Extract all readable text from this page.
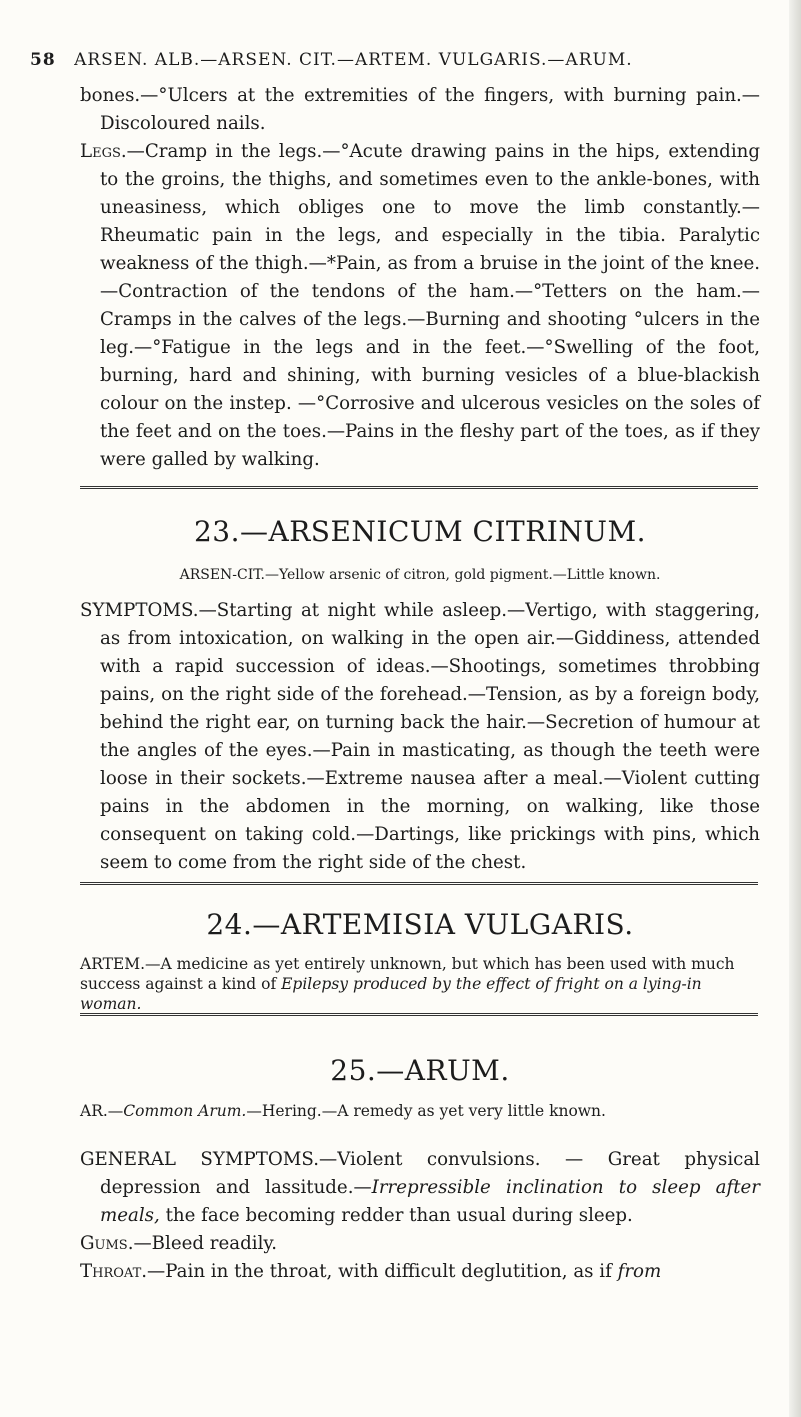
58 ARSEN. ALB.—ARSEN. CIT.—ARTEM. VULGARIS.—ARUM.
bones.—°Ulcers at the extremities of the fingers, with burning pain.—Discoloured nails.
Legs.—Cramp in the legs.—°Acute drawing pains in the hips, extending to the groins, the thighs, and sometimes even to the ankle-bones, with uneasiness, which obliges one to move the limb constantly.—Rheumatic pain in the legs, and especially in the tibia. Paralytic weakness of the thigh.—*Pain, as from a bruise in the joint of the knee.—Contraction of the tendons of the ham.—°Tetters on the ham.—Cramps in the calves of the legs.—Burning and shooting °ulcers in the leg.—°Fatigue in the legs and in the feet.—°Swelling of the foot, burning, hard and shining, with burning vesicles of a blue-blackish colour on the instep. —°Corrosive and ulcerous vesicles on the soles of the feet and on the toes.—Pains in the fleshy part of the toes, as if they were galled by walking.
23.—ARSENICUM CITRINUM.
ARSEN-CIT.—Yellow arsenic of citron, gold pigment.—Little known.
SYMPTOMS.—Starting at night while asleep.—Vertigo, with staggering, as from intoxication, on walking in the open air.—Giddiness, attended with a rapid succession of ideas.—Shootings, sometimes throbbing pains, on the right side of the forehead.—Tension, as by a foreign body, behind the right ear, on turning back the hair.—Secretion of humour at the angles of the eyes.—Pain in masticating, as though the teeth were loose in their sockets.—Extreme nausea after a meal.—Violent cutting pains in the abdomen in the morning, on walking, like those consequent on taking cold.—Dartings, like prickings with pins, which seem to come from the right side of the chest.
24.—ARTEMISIA VULGARIS.
ARTEM.—A medicine as yet entirely unknown, but which has been used with much success against a kind of Epilepsy produced by the effect of fright on a lying-in woman.
25.—ARUM.
AR.—Common Arum.—Hering.—A remedy as yet very little known.
GENERAL SYMPTOMS.—Violent convulsions. — Great physical depression and lassitude.—Irrepressible inclination to sleep after meals, the face becoming redder than usual during sleep.
Gums.—Bleed readily.
Throat.—Pain in the throat, with difficult deglutition, as if from
